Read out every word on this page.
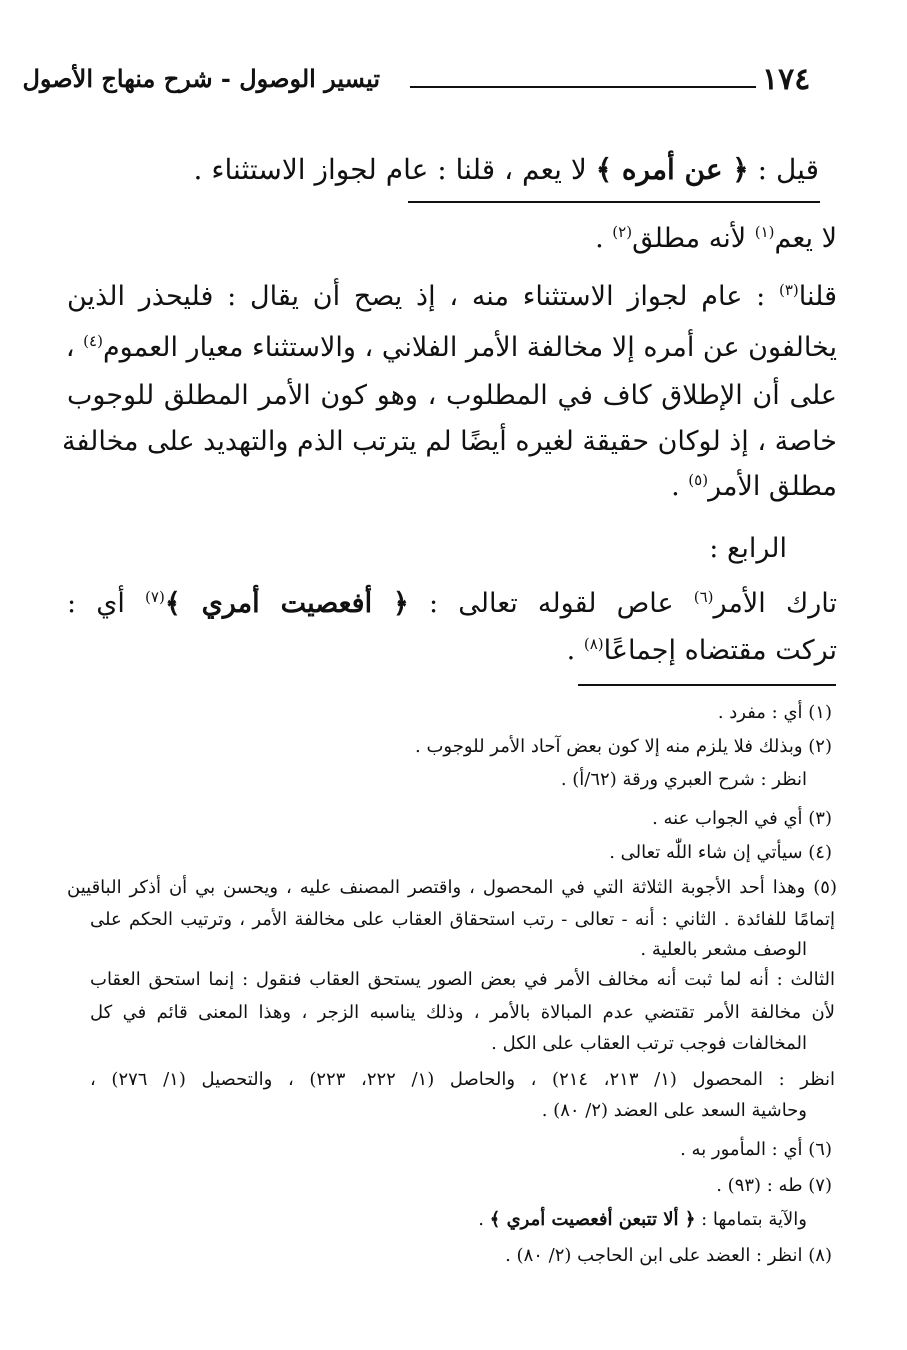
تيسير الوصول - شرح منهاج الأصول	١٧٤
قيل : ﴿ عن أمره ﴾ لا يعم ، قلنا : عام لجواز الاستثناء .
لا يعم$^{(١)}$ لأنه مطلق$^{(٢)}$ .
قلنا$^{(٣)}$ : عام لجواز الاستثناء منه ، إذ يصح أن يقال : فليحذر الذين
يخالفون عن أمره إلا مخالفة الأمر الفلاني ، والاستثناء معيار العموم$^{(٤)}$ ،
على أن الإطلاق كاف في المطلوب ، وهو كون الأمر المطلق للوجوب
خاصة ، إذ لوكان حقيقة لغيره أيضًا لم يترتب الذم والتهديد على مخالفة
مطلق الأمر$^{(٥)}$ .
الرابع :
تارك الأمر$^{(٦)}$ عاص لقوله تعالى : ﴿ أفعصيت أمري ﴾$^{(٧)}$ أي :
تركت مقتضاه إجماعًا$^{(٨)}$ .
(١) أي : مفرد .
(٢) وبذلك فلا يلزم منه إلا كون بعض آحاد الأمر للوجوب .
انظر : شرح العبري ورقة (٦٢/أ) .
(٣) أي في الجواب عنه .
(٤) سيأتي إن شاء اللّٰه تعالى .
(٥) وهذا أحد الأجوبة الثلاثة التي في المحصول ، واقتصر المصنف عليه ، ويحسن بي أن أذكر الباقيين
إتمامًا للفائدة . الثاني : أنه - تعالى - رتب استحقاق العقاب على مخالفة الأمر ، وترتيب الحكم على
الوصف مشعر بالعلية .
الثالث : أنه لما ثبت أنه مخالف الأمر في بعض الصور يستحق العقاب فنقول : إنما استحق العقاب
لأن مخالفة الأمر تقتضي عدم المبالاة بالأمر ، وذلك يناسبه الزجر ، وهذا المعنى قائم في كل
المخالفات فوجب ترتب العقاب على الكل .
انظر : المحصول (١/ ٢١٣، ٢١٤) ، والحاصل (١/ ٢٢٢، ٢٢٣) ، والتحصيل (١/ ٢٧٦) ،
وحاشية السعد على العضد (٢/ ٨٠) .
(٦) أي : المأمور به .
(٧) طه : (٩٣) .
والآية بتمامها : ﴿ ألا تتبعن أفعصيت أمري ﴾ .
(٨) انظر : العضد على ابن الحاجب (٢/ ٨٠) .
